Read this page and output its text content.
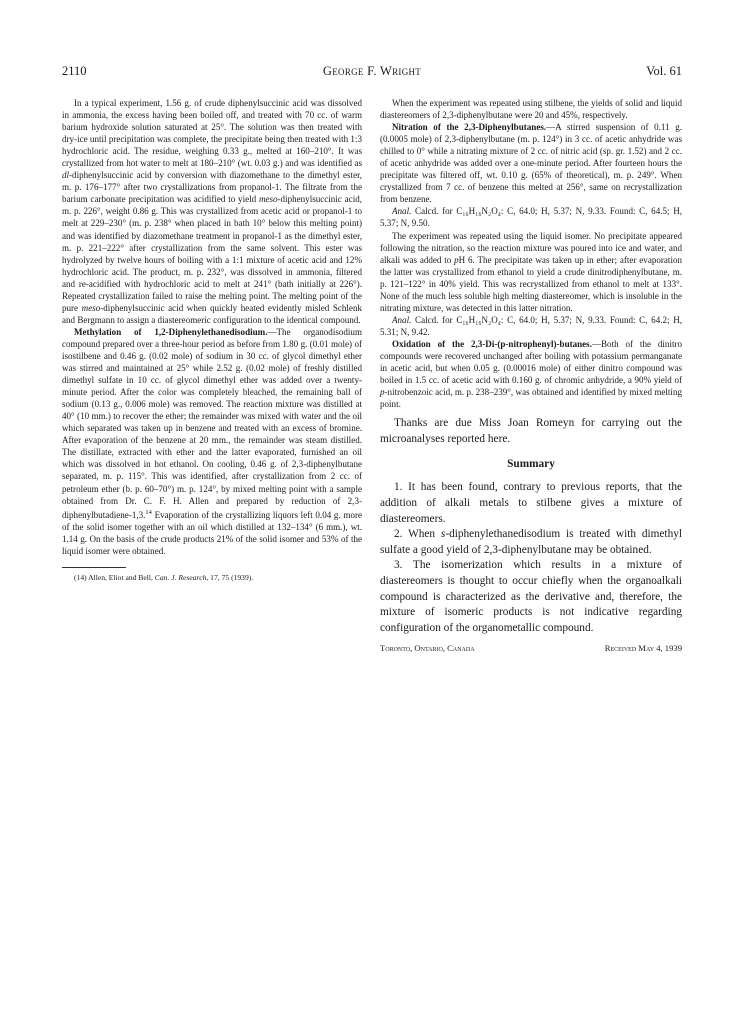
2110	George F. Wright	Vol. 61

In a typical experiment, 1.56 g. of crude diphenylsuccinic acid was dissolved in ammonia, the excess having been boiled off, and treated with 70 cc. of warm barium hydroxide solution saturated at 25°. The solution was then treated with dry-ice until precipitation was complete, the precipitate being then treated with 1:3 hydrochloric acid. The residue, weighing 0.33 g., melted at 160–210°. It was crystallized from hot water to melt at 180–210° (wt. 0.03 g.) and was identified as dl-diphenylsuccinic acid by conversion with diazomethane to the dimethyl ester, m. p. 176–177° after two crystallizations from propanol-1. The filtrate from the barium carbonate precipitation was acidified to yield meso-diphenylsuccinic acid, m. p. 226°, weight 0.86 g. This was crystallized from acetic acid or propanol-1 to melt at 229–230° (m. p. 238° when placed in bath 10° below this melting point) and was identified by diazomethane treatment in propanol-1 as the dimethyl ester, m. p. 221–222° after crystallization from the same solvent. This ester was hydrolyzed by twelve hours of boiling with a 1:1 mixture of acetic acid and 12% hydrochloric acid. The product, m. p. 232°, was dissolved in ammonia, filtered and re-acidified with hydrochloric acid to melt at 241° (bath initially at 226°). Repeated crystallization failed to raise the melting point. The melting point of the pure meso-diphenylsuccinic acid when quickly heated evidently misled Schlenk and Bergmann to assign a diastereomeric configuration to the identical compound.

Methylation of 1,2-Diphenylethanedisodium.—The organodisodium compound prepared over a three-hour period as before from 1.80 g. (0.01 mole) of isostilbene and 0.46 g. (0.02 mole) of sodium in 30 cc. of glycol dimethyl ether was stirred and maintained at 25° while 2.52 g. (0.02 mole) of freshly distilled dimethyl sulfate in 10 cc. of glycol dimethyl ether was added over a twenty-minute period. After the color was completely bleached, the remaining ball of sodium (0.13 g., 0.006 mole) was removed. The reaction mixture was distilled at 40° (10 mm.) to recover the ether; the remainder was mixed with water and the oil which separated was taken up in benzene and treated with an excess of bromine. After evaporation of the benzene at 20 mm., the remainder was steam distilled. The distillate, extracted with ether and the latter evaporated, furnished an oil which was dissolved in hot ethanol. On cooling, 0.46 g. of 2,3-diphenylbutane separated, m. p. 115°. This was identified, after crystallization from 2 cc. of petroleum ether (b. p. 60–70°) m. p. 124°, by mixed melting point with a sample obtained from Dr. C. F. H. Allen and prepared by reduction of 2,3-diphenylbutadiene-1,3.14 Evaporation of the crystallizing liquors left 0.04 g. more of the solid isomer together with an oil which distilled at 132–134° (6 mm.), wt. 1.14 g. On the basis of the crude products 21% of the solid isomer and 53% of the liquid isomer were obtained.

(14) Allen, Eliot and Bell, Can. J. Research, 17, 75 (1939).

When the experiment was repeated using stilbene, the yields of solid and liquid diastereomers of 2,3-diphenylbutane were 20 and 45%, respectively.

Nitration of the 2,3-Diphenylbutanes.—A stirred suspension of 0.11 g. (0.0005 mole) of 2,3-diphenylbutane (m. p. 124°) in 3 cc. of acetic anhydride was chilled to 0° while a nitrating mixture of 2 cc. of nitric acid (sp. gr. 1.52) and 2 cc. of acetic anhydride was added over a one-minute period. After fourteen hours the precipitate was filtered off, wt. 0.10 g. (65% of theoretical), m. p. 249°. When crystallized from 7 cc. of benzene this melted at 256°, same on recrystallization from benzene.

Anal. Calcd. for C₁₆H₁₆N₂O₄: C, 64.0; H, 5.37; N, 9.33. Found: C, 64.5; H, 5.37; N, 9.50.

The experiment was repeated using the liquid isomer. No precipitate appeared following the nitration, so the reaction mixture was poured into ice and water, and alkali was added to pH 6. The precipitate was taken up in ether; after evaporation the latter was crystallized from ethanol to yield a crude dinitrodiphenylbutane, m. p. 121–122° in 40% yield. This was recrystallized from ethanol to melt at 133°. None of the much less soluble high melting diastereomer, which is insoluble in the nitrating mixture, was detected in this latter nitration.

Anal. Calcd. for C₁₆H₁₆N₂O₄: C, 64.0; H, 5.37; N, 9.33. Found: C, 64.2; H, 5.31; N, 9.42.

Oxidation of the 2,3-Di-(p-nitrophenyl)-butanes.—Both of the dinitro compounds were recovered unchanged after boiling with potassium permanganate in acetic acid, but when 0.05 g. (0.00016 mole) of either dinitro compound was boiled in 1.5 cc. of acetic acid with 0.160 g. of chromic anhydride, a 90% yield of p-nitrobenzoic acid, m. p. 238–239°, was obtained and identified by mixed melting point.

Thanks are due Miss Joan Romeyn for carrying out the microanalyses reported here.

Summary

1. It has been found, contrary to previous reports, that the addition of alkali metals to stilbene gives a mixture of diastereomers.

2. When s-diphenylethanedisodium is treated with dimethyl sulfate a good yield of 2,3-diphenylbutane may be obtained.

3. The isomerization which results in a mixture of diastereomers is thought to occur chiefly when the organoalkali compound is characterized as the derivative and, therefore, the mixture of isomeric products is not indicative regarding configuration of the organometallic compound.

Toronto, Ontario, Canada	Received May 4, 1939
